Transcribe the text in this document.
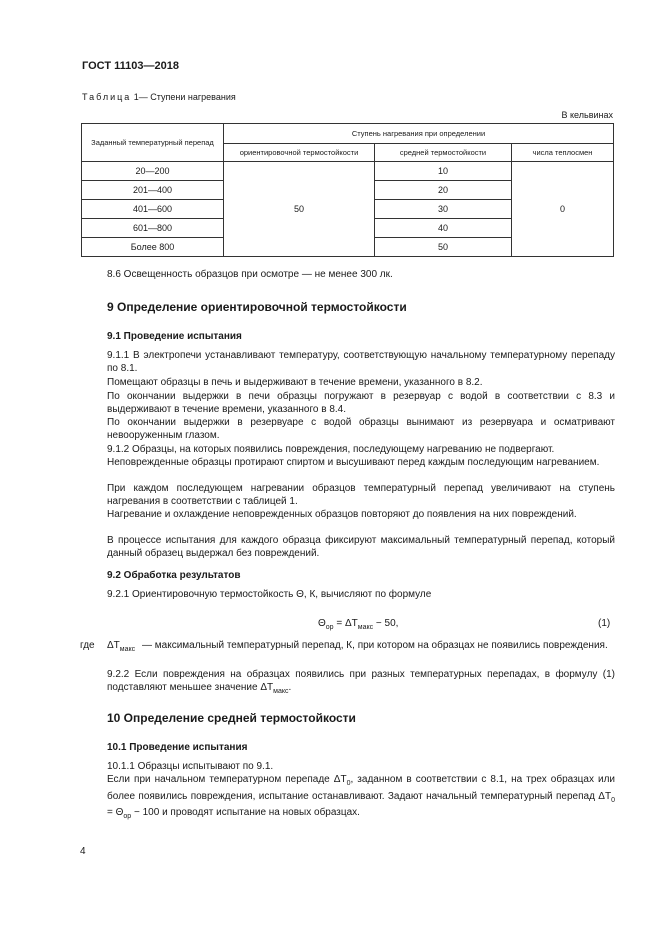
ГОСТ 11103—2018
Таблица 1— Ступени нагревания
В кельвинах
Заданный температурный перепад	Ступень нагревания при определении		
	ориентировочной термостойкости	средней термостойкости	числа теплосмен
20—200	50	10	0
201—400		20	
401—600		30	
601—800		40	
Более 800		50	
8.6 Освещенность образцов при осмотре — не менее 300 лк.
9 Определение ориентировочной термостойкости
9.1 Проведение испытания
9.1.1 В электропечи устанавливают температуру, соответствующую начальному температурному перепаду по 8.1.
Помещают образцы в печь и выдерживают в течение времени, указанного в 8.2.
По окончании выдержки в печи образцы погружают в резервуар с водой в соответствии с 8.3 и выдерживают в течение времени, указанного в 8.4.
По окончании выдержки в резервуаре с водой образцы вынимают из резервуара и осматривают невооруженным глазом.
9.1.2 Образцы, на которых появились повреждения, последующему нагреванию не подвергают.
Неповрежденные образцы протирают спиртом и высушивают перед каждым последующим нагреванием.
При каждом последующем нагревании образцов температурный перепад увеличивают на ступень нагревания в соответствии с таблицей 1.
Нагревание и охлаждение неповрежденных образцов повторяют до появления на них повреждений.
В процессе испытания для каждого образца фиксируют максимальный температурный перепад, который данный образец выдержал без повреждений.
9.2 Обработка результатов
9.2.1 Ориентировочную термостойкость Θ, К, вычисляют по формуле
$\Theta_{ор} = \Delta T_{макс} - 50$,	(1)
где $\Delta T_{макс}$ — максимальный температурный перепад, К, при котором на образцах не появились повреждения.
9.2.2 Если повреждения на образцах появились при разных температурных перепадах, в формулу (1) подставляют меньшее значение $\Delta T_{макс}$.
10 Определение средней термостойкости
10.1 Проведение испытания
10.1.1 Образцы испытывают по 9.1.
Если при начальном температурном перепаде $\Delta T_0$, заданном в соответствии с 8.1, на трех образцах или более появились повреждения, испытание останавливают. Задают начальный температурный перепад $\Delta T_0 = \Theta_{ор} - 100$ и проводят испытание на новых образцах.
4
